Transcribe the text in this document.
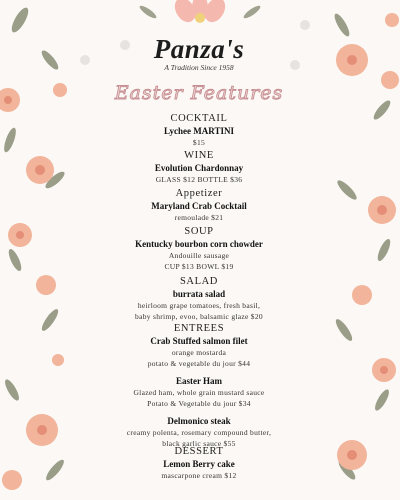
Panza's
A Tradition Since 1958
Easter Features
COCKTAIL
Lychee MARTINI
$15
WINE
Evolution Chardonnay
GLASS $12 BOTTLE $36
Appetizer
Maryland Crab Cocktail
remoulade $21
SOUP
Kentucky bourbon corn chowder
Andouille sausage
CUP $13 BOWL $19
SALAD
burrata salad
heirloom grape tomatoes, fresh basil,
baby shrimp, evoo, balsamic glaze $20
ENTREES
Crab Stuffed salmon filet
orange mostarda
potato & vegetable du jour $44
Easter Ham
Glazed ham, whole grain mustard sauce
Potato & Vegetable du jour $34
Delmonico steak
creamy polenta, rosemary compound butter,
black garlic sauce $55
DESSERT
Lemon Berry cake
mascarpone cream $12
